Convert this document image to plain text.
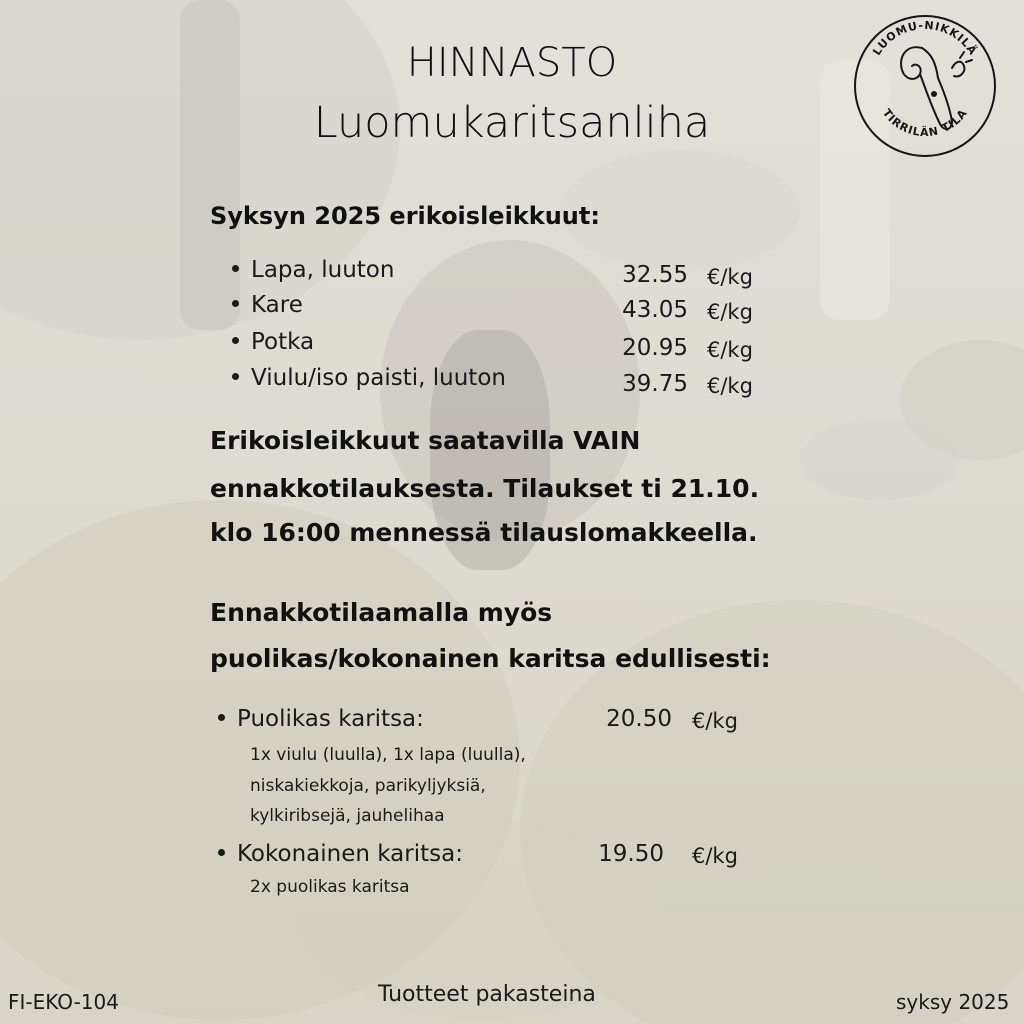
LUOMU-NIKKILÄ
TIRRILÄN TILA
HINNASTO
Luomukaritsanliha
Syksyn 2025 erikoisleikkuut:
Lapa, luuton	32.55 €/kg
Kare	43.05 €/kg
Potka	20.95 €/kg
Viulu/iso paisti, luuton	39.75 €/kg
Erikoisleikkuut saatavilla VAIN
ennakkotilauksesta. Tilaukset ti 21.10.
klo 16:00 mennessä tilauslomakkeella.
Ennakkotilaamalla myös
puolikas/kokonainen karitsa edullisesti:
Puolikas karitsa:	20.50 €/kg
1x viulu (luulla), 1x lapa (luulla),
niskakiekkoja, parikyljyksiä,
kylkiribsejä, jauhelihaa
Kokonainen karitsa:	19.50 €/kg
2x puolikas karitsa
FI-EKO-104	Tuotteet pakasteina	syksy 2025
